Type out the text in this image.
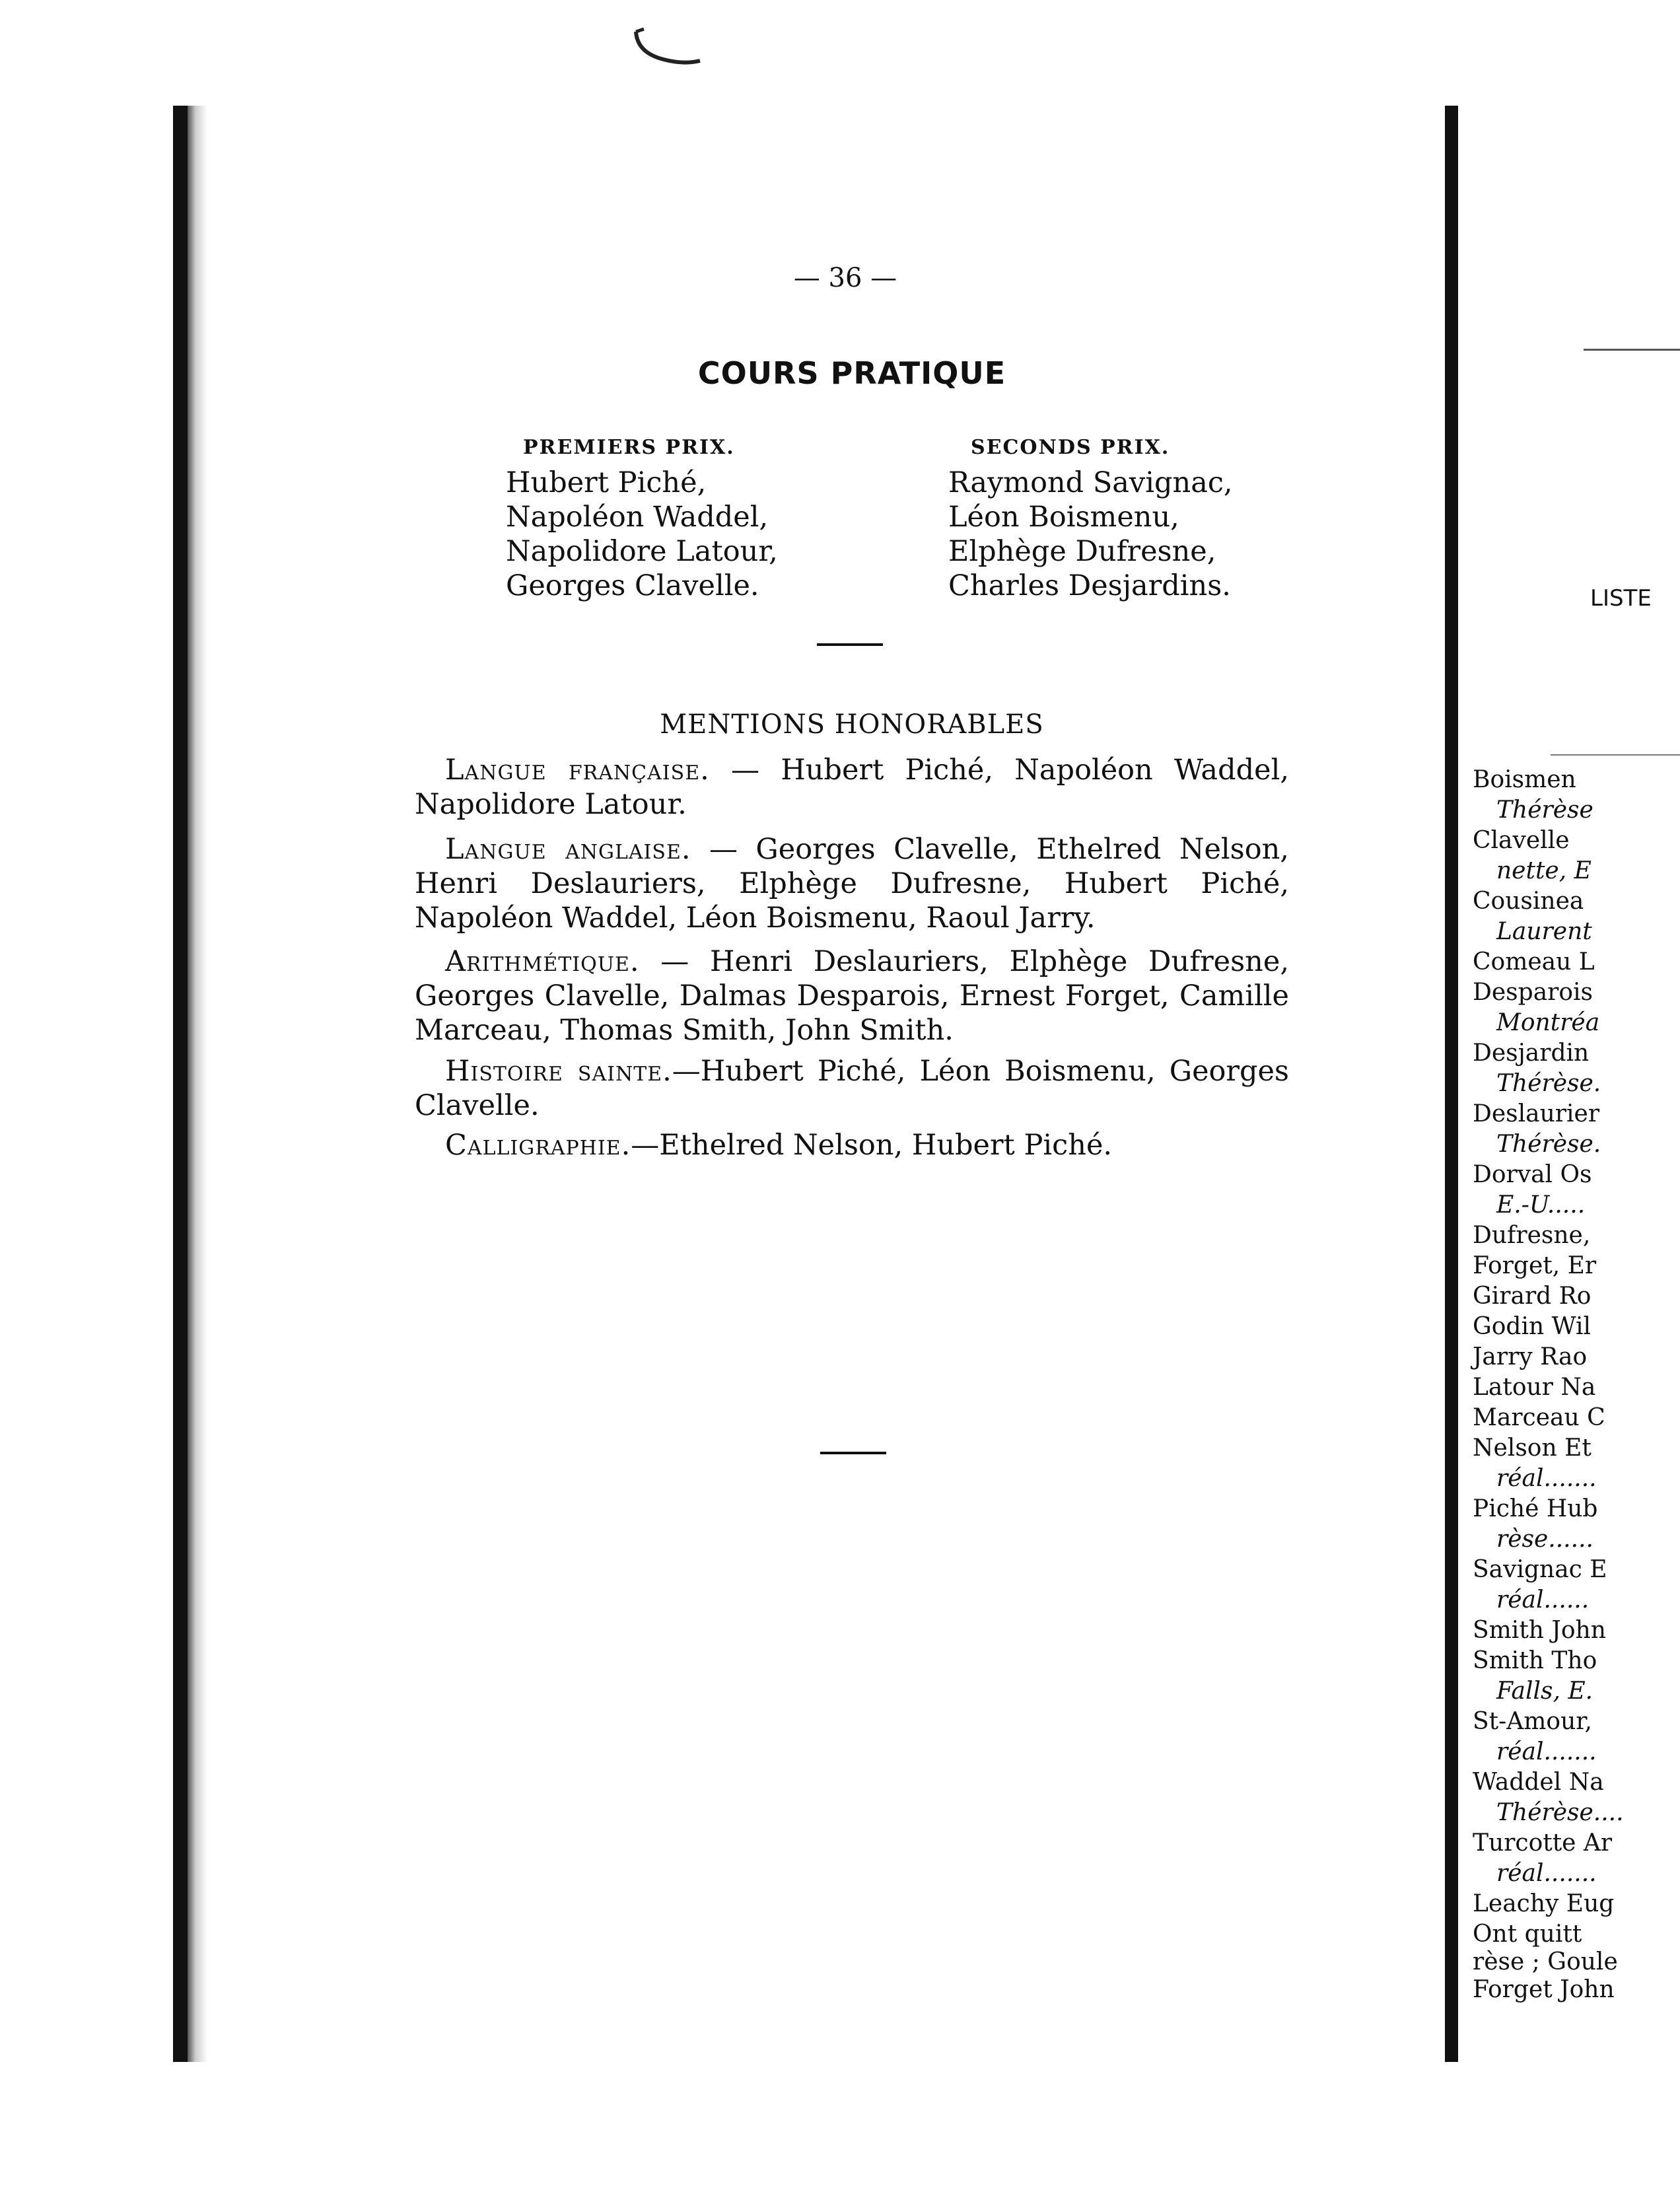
— 36 —
COURS PRATIQUE
PREMIERS PRIX.
Hubert Piché,
Napoléon Waddel,
Napolidore Latour,
Georges Clavelle.
SECONDS PRIX.
Raymond Savignac,
Léon Boismenu,
Elphège Dufresne,
Charles Desjardins.
MENTIONS HONORABLES
Langue française. — Hubert Piché, Napoléon Waddel, Napolidore Latour.
Langue anglaise. — Georges Clavelle, Ethelred Nelson, Henri Deslauriers, Elphège Dufresne, Hubert Piché, Napoléon Waddel, Léon Boismenu, Raoul Jarry.
Arithmétique. — Henri Deslauriers, Elphège Dufresne, Georges Clavelle, Dalmas Desparois, Ernest Forget, Camille Marceau, Thomas Smith, John Smith.
Histoire sainte.—Hubert Piché, Léon Boismenu, Georges Clavelle.
Calligraphie.—Ethelred Nelson, Hubert Piché.
LISTE
Boismen
Thérèse
Clavelle
nette, E
Cousinea
Laurent
Comeau L
Desparois
Montréa
Desjardin
Thérèse.
Deslaurier
Thérèse.
Dorval Os
E.-U.....
Dufresne,
Forget, Er
Girard Ro
Godin Wil
Jarry Rao
Latour Na
Marceau C
Nelson Et
réal.......
Piché Hub
rèse......
Savignac E
réal......
Smith John
Smith Tho
Falls, E.
St-Amour,
réal.......
Waddel Na
Thérèse....
Turcotte Ar
réal.......
Leachy Eug
Ont quitt
rèse ; Goule
Forget John
